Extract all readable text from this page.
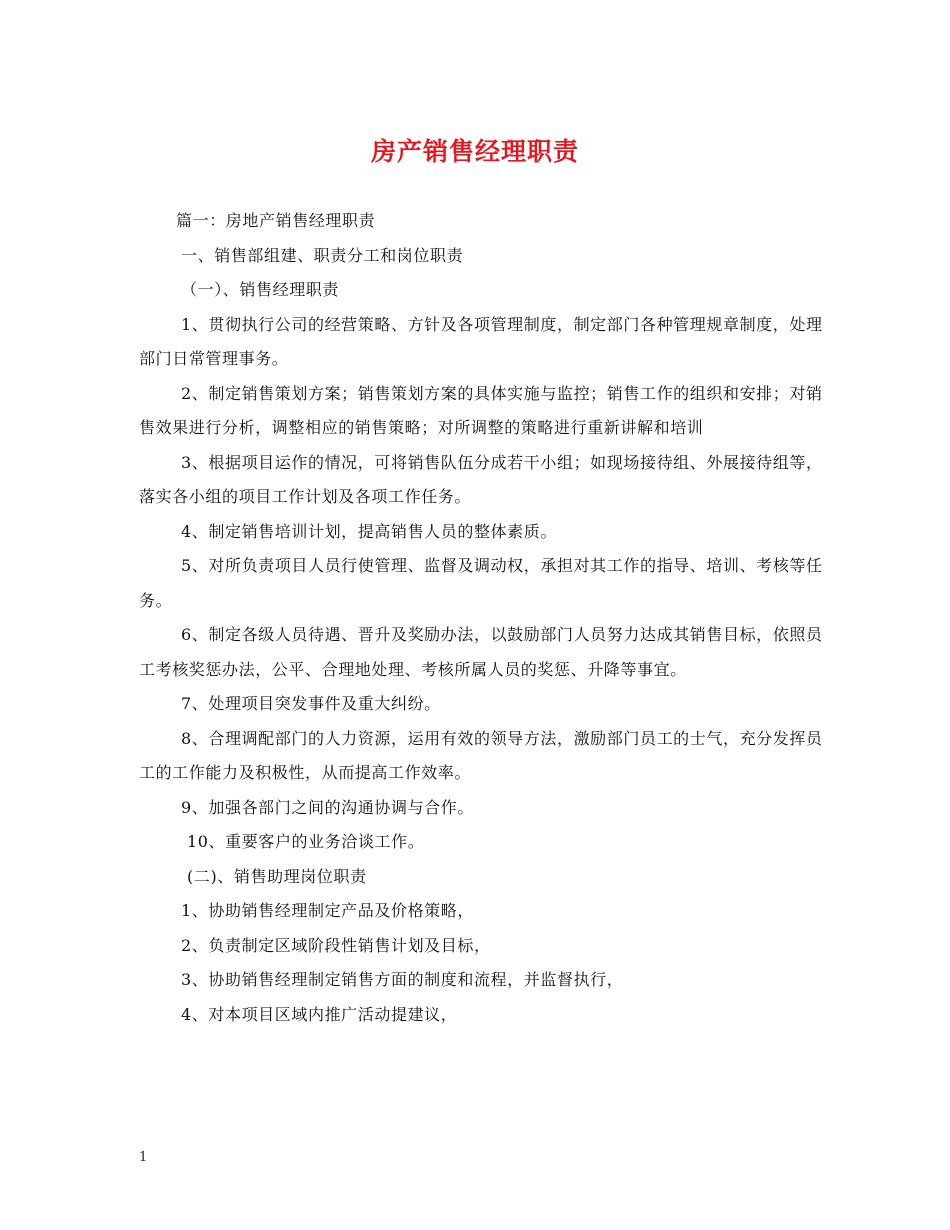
房产销售经理职责

篇一：房地产销售经理职责

一、销售部组建、职责分工和岗位职责

（一）、销售经理职责

1、贯彻执行公司的经营策略、方针及各项管理制度，制定部门各种管理规章制度，处理部门日常管理事务。

2、制定销售策划方案；销售策划方案的具体实施与监控；销售工作的组织和安排；对销售效果进行分析，调整相应的销售策略；对所调整的策略进行重新讲解和培训

3、根据项目运作的情况，可将销售队伍分成若干小组；如现场接待组、外展接待组等，落实各小组的项目工作计划及各项工作任务。

4、制定销售培训计划，提高销售人员的整体素质。

5、对所负责项目人员行使管理、监督及调动权，承担对其工作的指导、培训、考核等任务。

6、制定各级人员待遇、晋升及奖励办法，以鼓励部门人员努力达成其销售目标，依照员工考核奖惩办法，公平、合理地处理、考核所属人员的奖惩、升降等事宜。

7、处理项目突发事件及重大纠纷。

8、合理调配部门的人力资源，运用有效的领导方法，激励部门员工的士气，充分发挥员工的工作能力及积极性，从而提高工作效率。

9、加强各部门之间的沟通协调与合作。

10、重要客户的业务洽谈工作。

(二)、销售助理岗位职责

1、协助销售经理制定产品及价格策略，

2、负责制定区域阶段性销售计划及目标，

3、协助销售经理制定销售方面的制度和流程，并监督执行，

4、对本项目区域内推广活动提建议，

1
